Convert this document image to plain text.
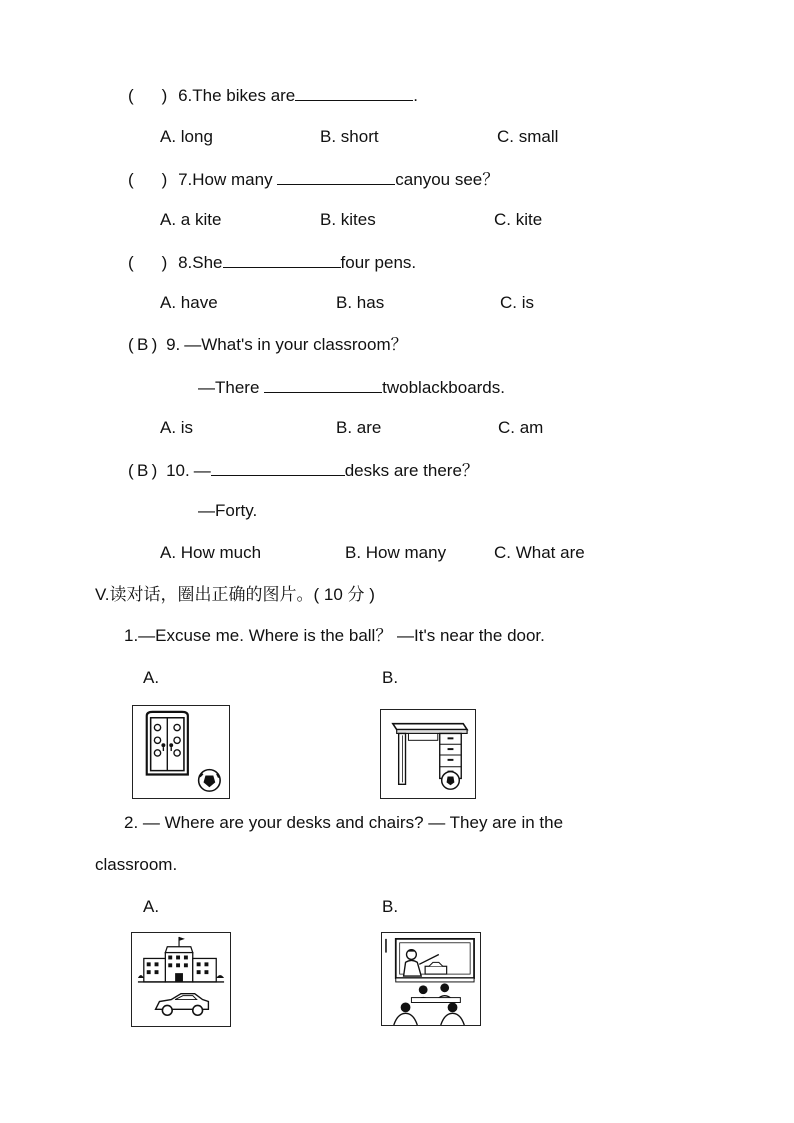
( ) 6.The bikes are	.
A. long	B. short	C. small
( ) 7.How many	canyou see？
A. a kite	B. kites	C. kite
( ) 8.She	four pens.
A. have	B. has	C. is
( B ) 9. —What's in your classroom？
—There	twoblackboards.
A. is	B. are	C. am
( B ) 10. —	desks are there？
—Forty.
A. How much	B. How many	C. What are
V.读对话，圈出正确的图片。( 10 分 )
1.—Excuse me. Where is the ball？ —It's near the door.
A.	B.
2. — Where are your desks and chairs? — They are in the
classroom.
A.	B.
